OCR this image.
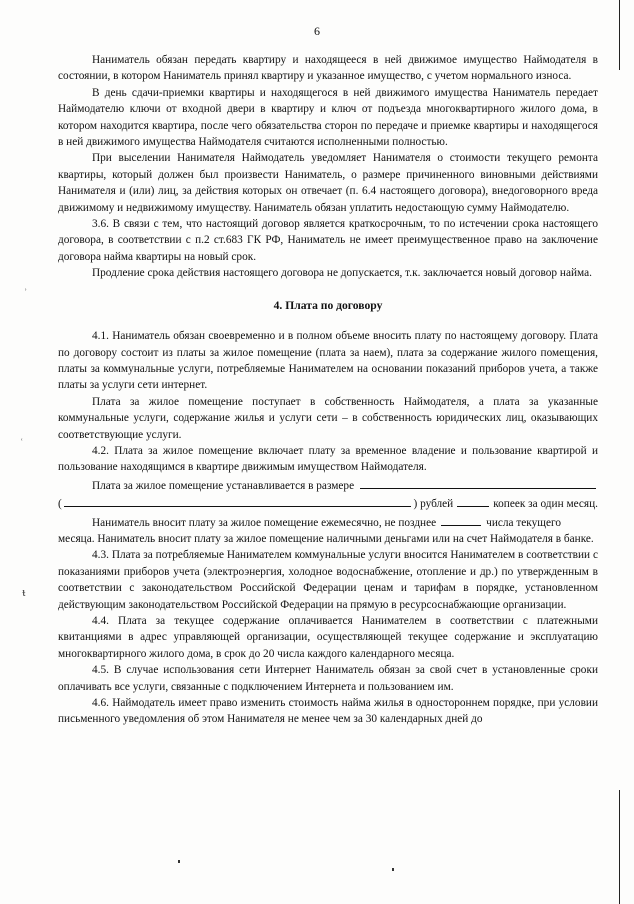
6
ʾ
ʿ
ᵼ

Наниматель обязан передать квартиру и находящееся в ней движимое имущество Наймодателя в состоянии, в котором Наниматель принял квартиру и указанное имущество, с учетом нормального износа.

В день сдачи-приемки квартиры и находящегося в ней движимого имущества Наниматель передает Наймодателю ключи от входной двери в квартиру и ключ от подъезда многоквартирного жилого дома, в котором находится квартира, после чего обязательства сторон по передаче и приемке квартиры и находящегося в ней движимого имущества Наймодателя считаются исполненными полностью.

При выселении Нанимателя Наймодатель уведомляет Нанимателя о стоимости текущего ремонта квартиры, который должен был произвести Наниматель, о размере причиненного виновными действиями Нанимателя и (или) лиц, за действия которых он отвечает (п. 6.4 настоящего договора), внедоговорного вреда движимому и недвижимому имуществу. Наниматель обязан уплатить недостающую сумму Наймодателю.

3.6. В связи с тем, что настоящий договор является краткосрочным, то по истечении срока настоящего договора, в соответствии с п.2 ст.683 ГК РФ, Наниматель не имеет преимущественное право на заключение договора найма квартиры на новый срок.

Продление срока действия настоящего договора не допускается, т.к. заключается новый договор найма.

4. Плата по договору

4.1. Наниматель обязан своевременно и в полном объеме вносить плату по настоящему договору. Плата по договору состоит из платы за жилое помещение (плата за наем), плата за содержание жилого помещения, платы за коммунальные услуги, потребляемые Нанимателем на основании показаний приборов учета, а также платы за услуги сети интернет.

Плата за жилое помещение поступает в собственность Наймодателя, а плата за указанные коммунальные услуги, содержание жилья и услуги сети – в собственность юридических лиц, оказывающих соответствующие услуги.

4.2. Плата за жилое помещение включает плату за временное владение и пользование квартирой и пользование находящимся в квартире движимым имуществом Наймодателя.

Плата за жилое помещение устанавливается в размере
(	) рублей	копеек за один месяц.
Наниматель вносит плату за жилое помещение ежемесячно, не позднее	числа текущего

месяца. Наниматель вносит плату за жилое помещение наличными деньгами или на счет Наймодателя в банке.

4.3. Плата за потребляемые Нанимателем коммунальные услуги вносится Нанимателем в соответствии с показаниями приборов учета (электроэнергия, холодное водоснабжение, отопление и др.) по утвержденным в соответствии с законодательством Российской Федерации ценам и тарифам в порядке, установленном действующим законодательством Российской Федерации на прямую в ресурсоснабжающие организации.

4.4. Плата за текущее содержание оплачивается Нанимателем в соответствии с платежными квитанциями в адрес управляющей организации, осуществляющей текущее содержание и эксплуатацию многоквартирного жилого дома, в срок до 20 числа каждого календарного месяца.

4.5. В случае использования сети Интернет Наниматель обязан за свой счет в установленные сроки оплачивать все услуги, связанные с подключением Интернета и пользованием им.

4.6. Наймодатель имеет право изменить стоимость найма жилья в одностороннем порядке, при условии письменного уведомления об этом Нанимателя не менее чем за 30 календарных дней до
